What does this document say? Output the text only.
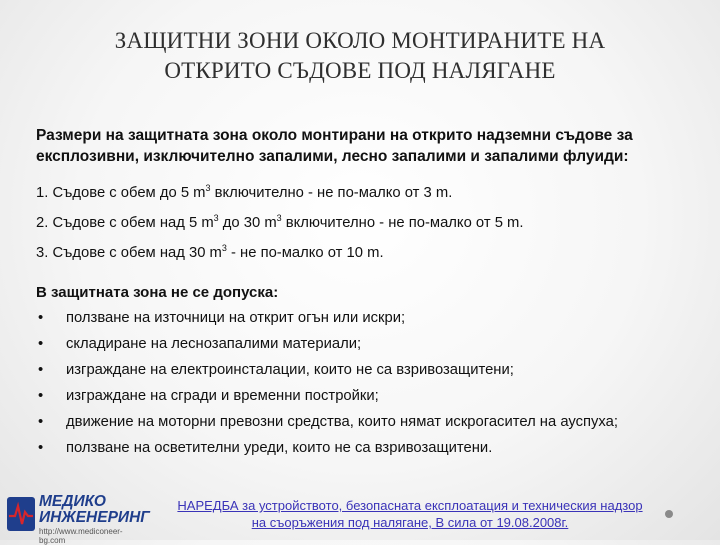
ЗАЩИТНИ ЗОНИ ОКОЛО МОНТИРАНИТЕ НА
ОТКРИТО СЪДОВЕ ПОД НАЛЯГАНЕ
Размери на защитната зона около монтирани на открито надземни съдове за експлозивни, изключително запалими, лесно запалими и запалими флуиди:
1. Съдове с обем до 5 $m^3$ включително - не по-малко от 3 m.
2. Съдове с обем над 5 $m^3$ до 30 $m^3$ включително - не по-малко от 5 m.
3. Съдове с обем над 30 $m^3$ - не по-малко от 10 m.
В защитната зона не се допуска:
• ползване на източници на открит огън или искри;
• складиране на леснозапалими материали;
• изграждане на електроинсталации, които не са взривозащитени;
• изграждане на сгради и временни постройки;
• движение на моторни превозни средства, които нямат искрогасител на ауспуха;
• ползване на осветителни уреди, които не са взривозащитени.
МЕДИКО
ИНЖЕНЕРИНГ
http://www.mediconeer-bg.com
НАРЕДБА за устройството, безопасната експлоатация и техническия надзор
на съоръжения под налягане, В сила от 19.08.2008г.
